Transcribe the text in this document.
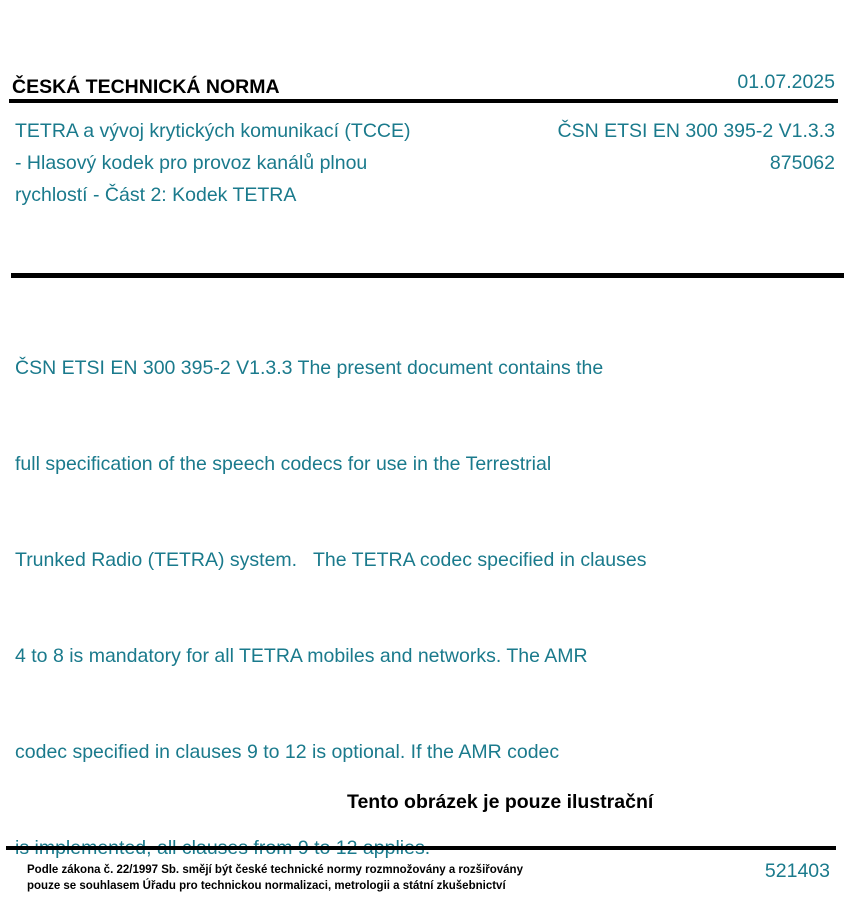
ČESKÁ TECHNICKÁ NORMA	01.07.2025
TETRA a vývoj krytických komunikací (TCCE)
- Hlasový kodek pro provoz kanálů plnou
rychlostí - Část 2: Kodek TETRA
ČSN ETSI EN 300 395-2 V1.3.3
875062

ČSN ETSI EN 300 395-2 V1.3.3 The present document contains the

full specification of the speech codecs for use in the Terrestrial

Trunked Radio (TETRA) system.   The TETRA codec specified in clauses

4 to 8 is mandatory for all TETRA mobiles and networks. The AMR

codec specified in clauses 9 to 12 is optional. If the AMR codec

Tento obrázek je pouze ilustrační
Podle zákona č. 22/1997 Sb. smějí být české technické normy rozmnožovány a rozšiřovány
pouze se souhlasem Úřadu pro technickou normalizaci, metrologii a státní zkušebnictví
521403
